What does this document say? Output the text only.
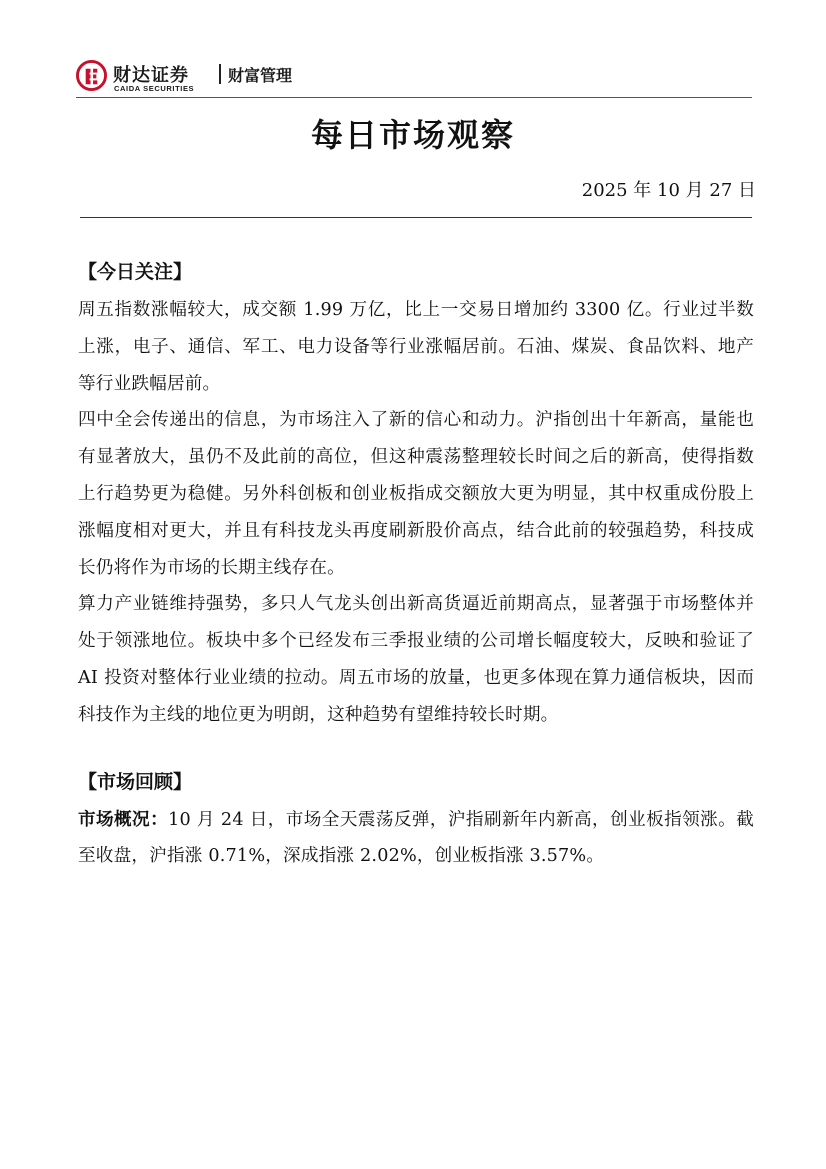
财达证券
CAIDA SECURITIES
财富管理
每日市场观察
2025 年 10 月 27 日
【今日关注】

周五指数涨幅较大，成交额 1.99 万亿，比上一交易日增加约 3300 亿。行业过半数上涨，电子、通信、军工、电力设备等行业涨幅居前。石油、煤炭、食品饮料、地产等行业跌幅居前。

四中全会传递出的信息，为市场注入了新的信心和动力。沪指创出十年新高，量能也有显著放大，虽仍不及此前的高位，但这种震荡整理较长时间之后的新高，使得指数上行趋势更为稳健。另外科创板和创业板指成交额放大更为明显，其中权重成份股上涨幅度相对更大，并且有科技龙头再度刷新股价高点，结合此前的较强趋势，科技成长仍将作为市场的长期主线存在。

算力产业链维持强势，多只人气龙头创出新高货逼近前期高点，显著强于市场整体并处于领涨地位。板块中多个已经发布三季报业绩的公司增长幅度较大，反映和验证了 AI 投资对整体行业业绩的拉动。周五市场的放量，也更多体现在算力通信板块，因而科技作为主线的地位更为明朗，这种趋势有望维持较长时期。

【市场回顾】

市场概况：10 月 24 日，市场全天震荡反弹，沪指刷新年内新高，创业板指领涨。截至收盘，沪指涨 0.71%，深成指涨 2.02%，创业板指涨 3.57%。
